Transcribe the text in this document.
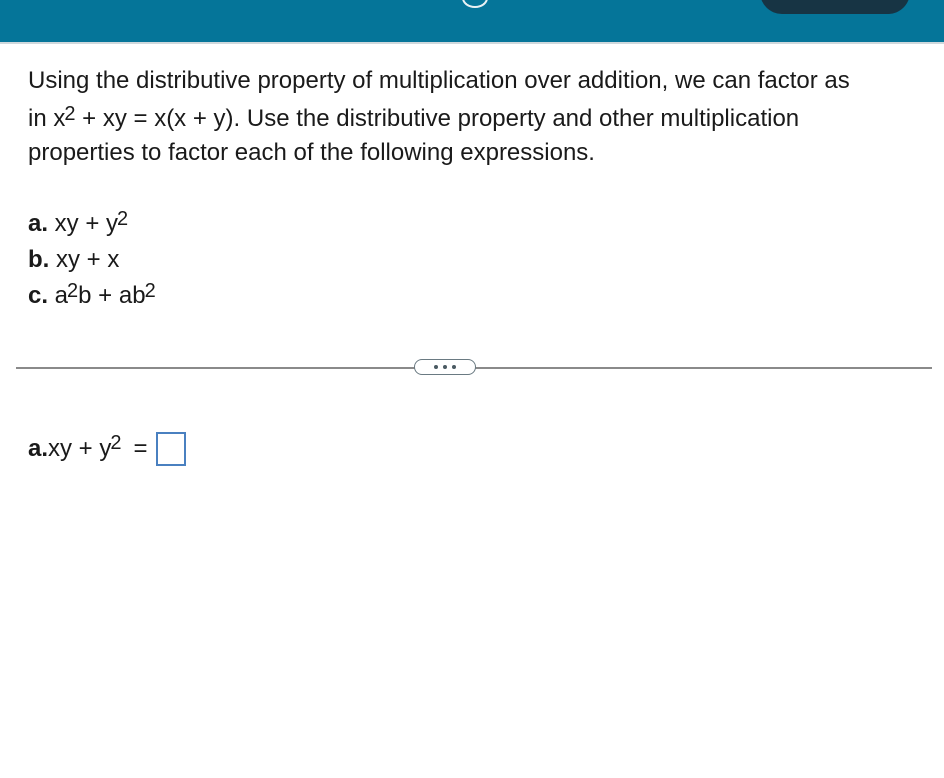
Using the distributive property of multiplication over addition, we can factor as

in $x^2$ + xy = x(x + y). Use the distributive property and other multiplication

properties to factor each of the following expressions.

a. xy + $y^2$
b. xy + x
c. $a^2b + ab^2$
a. xy + $y^2$ =
